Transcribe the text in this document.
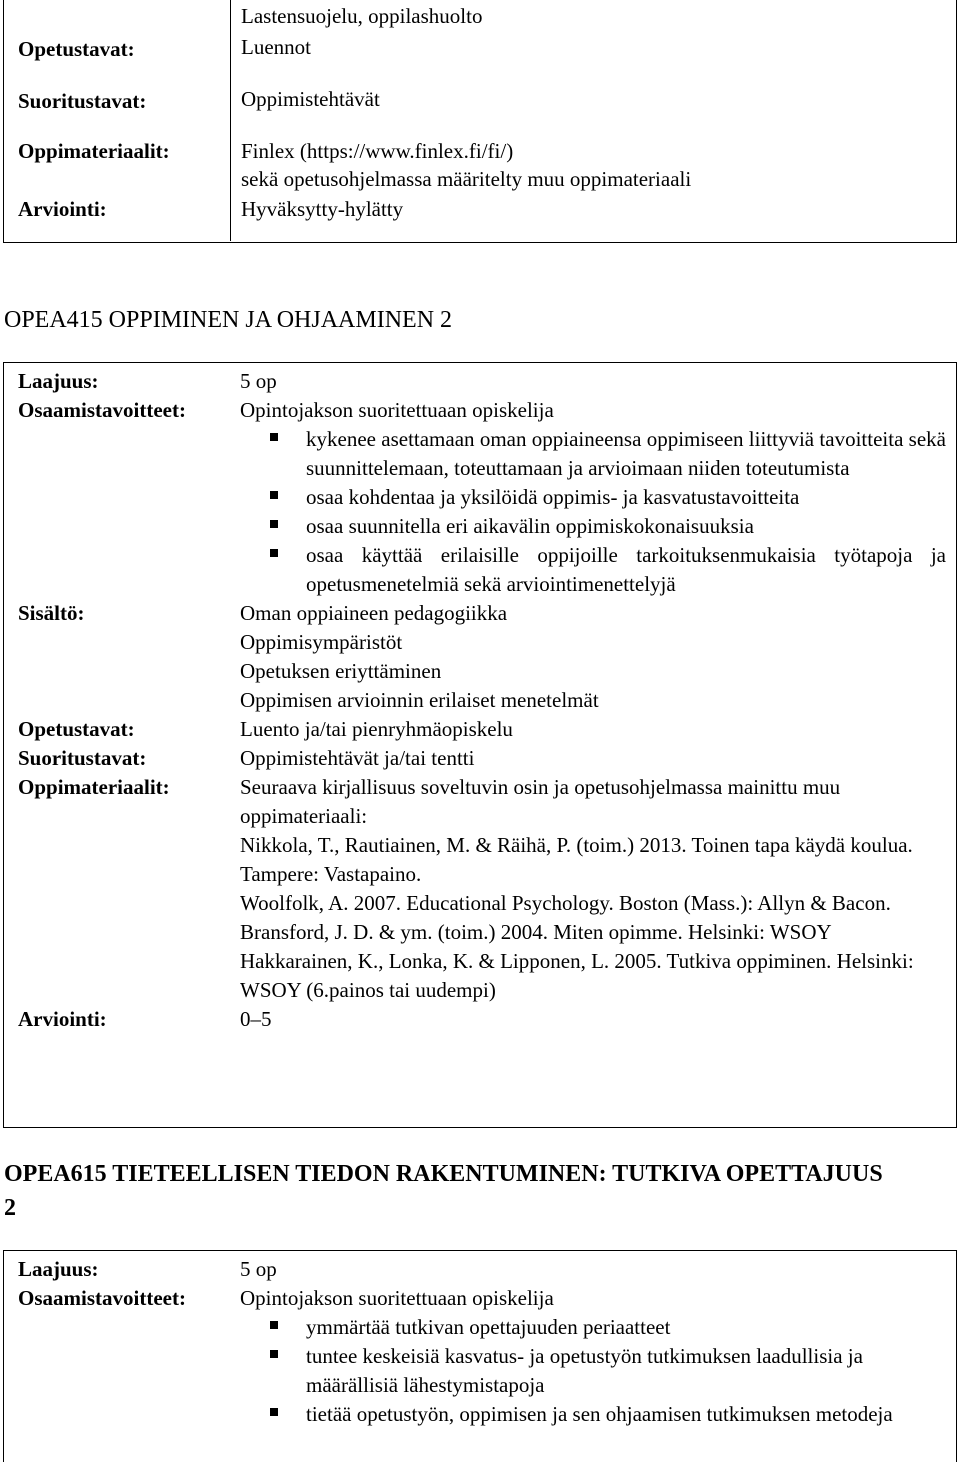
Lastensuojelu, oppilashuolto
Opetustavat:	Luennot
Suoritustavat:	Oppimistehtävät
Oppimateriaalit:	Finlex (https://www.finlex.fi/fi/)
sekä opetusohjelmassa määritelty muu oppimateriaali
Arviointi:	Hyväksytty-hylätty
OPEA415 OPPIMINEN JA OHJAAMINEN 2
Laajuus:	5 op
Osaamistavoitteet:	Opintojakson suoritettuaan opiskelija
kykenee asettamaan oman oppiaineensa oppimiseen liittyviä tavoitteita sekä suunnittelemaan, toteuttamaan ja arvioimaan niiden toteutumista
osaa kohdentaa ja yksilöidä oppimis- ja kasvatustavoitteita
osaa suunnitella eri aikavälin oppimiskokonaisuuksia
osaa käyttää erilaisille oppijoille tarkoituksenmukaisia työtapoja ja opetusmenetelmiä sekä arviointimenettelyjä
Sisältö:	Oman oppiaineen pedagogiikka
Oppimisympäristöt
Opetuksen eriyttäminen
Oppimisen arvioinnin erilaiset menetelmät
Opetustavat:	Luento ja/tai pienryhmäopiskelu
Suoritustavat:	Oppimistehtävät ja/tai tentti
Oppimateriaalit:	Seuraava kirjallisuus soveltuvin osin ja opetusohjelmassa mainittu muu oppimateriaali:
Nikkola, T., Rautiainen, M. & Räihä, P. (toim.) 2013. Toinen tapa käydä koulua. Tampere: Vastapaino.
Woolfolk, A. 2007. Educational Psychology. Boston (Mass.): Allyn & Bacon.
Bransford, J. D. & ym. (toim.) 2004. Miten opimme. Helsinki: WSOY
Hakkarainen, K., Lonka, K. & Lipponen, L. 2005. Tutkiva oppiminen. Helsinki: WSOY (6.painos tai uudempi)
Arviointi:	0–5
OPEA615 TIETEELLISEN TIEDON RAKENTUMINEN: TUTKIVA OPETTAJUUS 2
Laajuus:	5 op
Osaamistavoitteet:	Opintojakson suoritettuaan opiskelija
ymmärtää tutkivan opettajuuden periaatteet
tuntee keskeisiä kasvatus- ja opetustyön tutkimuksen laadullisia ja määrällisiä lähestymistapoja
tietää opetustyön, oppimisen ja sen ohjaamisen tutkimuksen metodeja
